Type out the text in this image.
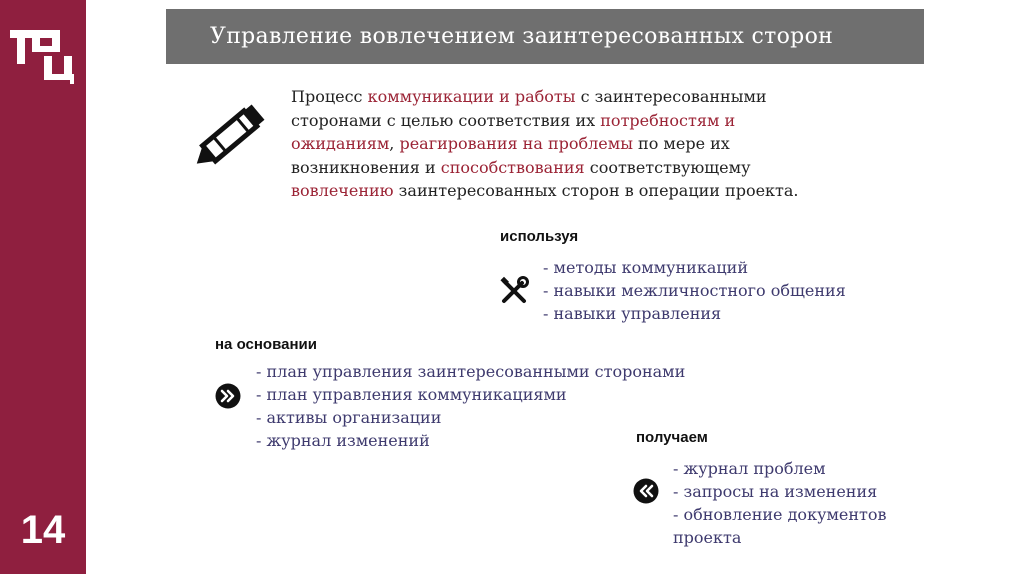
14
Управление вовлечением заинтересованных сторон
Процесс коммуникации и работы с заинтересованными
сторонами с целью соответствия их потребностям и
ожиданиям, реагирования на проблемы по мере их
возникновения и способствования соответствующему
вовлечению заинтересованных сторон в операции проекта.
используя
- методы коммуникаций
- навыки межличностного общения
- навыки управления
на основании
- план управления заинтересованными сторонами
- план управления коммуникациями
- активы организации
- журнал изменений	получаем
- журнал проблем
- запросы на изменения
- обновление документов
проекта
